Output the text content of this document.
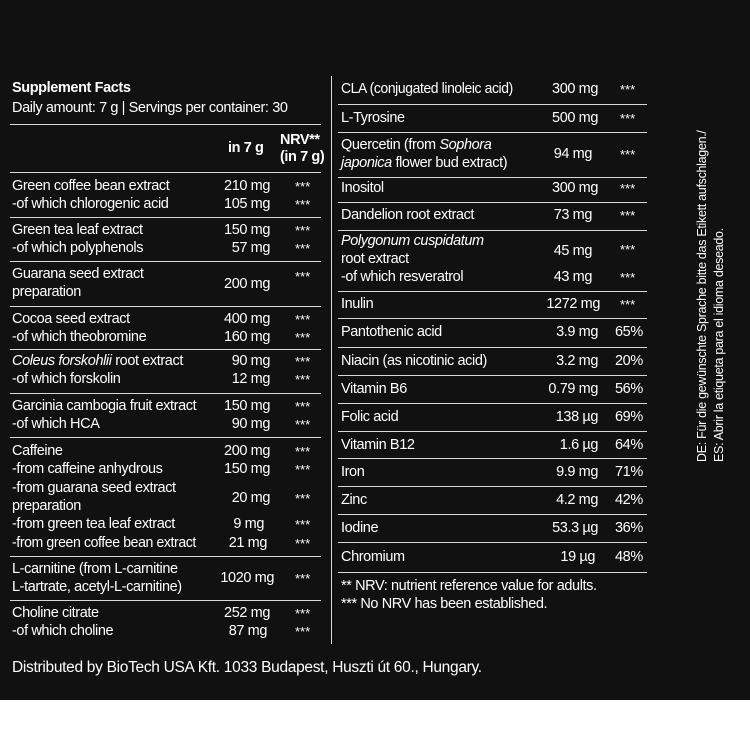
Supplement Facts
Daily amount: 7 g | Servings per container: 30
in 7 g NRV**
(in 7 g)
Green coffee bean extract	210 mg ***
-of which chlorogenic acid	105 mg ***
Green tea leaf extract	150 mg ***
-of which polyphenols	57 mg ***
Guarana seed extract
preparation	200 mg ***
Cocoa seed extract	400 mg ***
-of which theobromine	160 mg ***
Coleus forskohlii root extract	90 mg ***
-of which forskolin	12 mg ***
Garcinia cambogia fruit extract	150 mg ***
-of which HCA	90 mg ***
Caffeine	200 mg ***
-from caffeine anhydrous	150 mg ***
-from guarana seed extract
preparation	20 mg ***
-from green tea leaf extract	9 mg ***
-from green coffee bean extract	21 mg ***
L-carnitine (from L-carnitine
L-tartrate, acetyl-L-carnitine)
1020 mg ***
Choline citrate	252 mg ***
-of which choline	87 mg ***
CLA (conjugated linoleic acid)	300 mg ***
L-Tyrosine	500 mg ***
Quercetin (from Sophora
japonica flower bud extract)
94 mg ***
Inositol	300 mg ***
Dandelion root extract	73 mg ***
Polygonum cuspidatum
root extract	45 mg ***
-of which resveratrol	43 mg ***
Inulin	1272 mg ***
Pantothenic acid	3.9 mg 65%
Niacin (as nicotinic acid)	3.2 mg 20%
Vitamin B6	0.79 mg 56%
Folic acid	138 µg 69%
Vitamin B12	1.6 µg 64%
Iron	9.9 mg 71%
Zinc	4.2 mg 42%
Iodine	53.3 µg 36%
Chromium	19 µg 48%
** NRV: nutrient reference value for adults.
*** No NRV has been established.
DE: Für die gewünschte Sprache bitte das Etikett aufschlagen./ ES: Abrir la etiqueta para el idioma deseado.
Distributed by BioTech USA Kft. 1033 Budapest, Huszti út 60., Hungary.
